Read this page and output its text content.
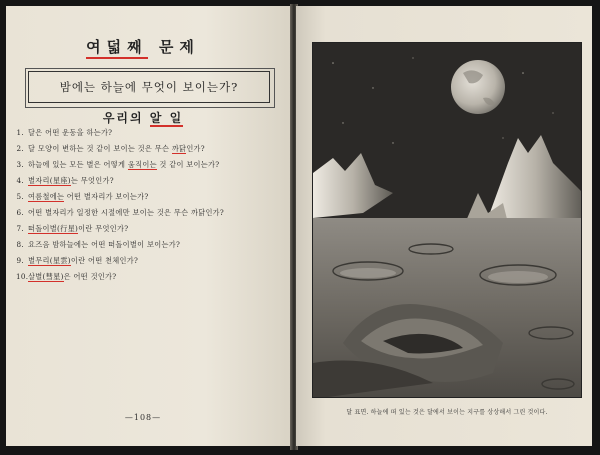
여덟째 문제
밤에는 하늘에 무엇이 보이는가?
우리의 알 일
1. 달은 어떤 운동을 하는가?
2. 달 모양이 변하는 것 같이 보이는 것은 무슨 까닭인가?
3. 하늘에 있는 모든 별은 어떻게 움직이는 것 같이 보이는가?
4. 별자리(星座)는 무엇인가?
5. 여름철에는 어떤 별자리가 보이는가?
6. 어떤 별자리가 일정한 시절에만 보이는 것은 무슨 까닭인가?
7. 떠돌이별(行星)이란 무엇인가?
8. 요즈음 밤하늘에는 어떤 떠돌이별이 보이는가?
9. 별무리(星雲)이란 어떤 천체인가?
10. 살별(彗星)은 어떤 것인가?
—108—
달 표면. 하늘에 떠 있는 것은 달에서 보이는 지구를 상상해서 그린 것이다.
